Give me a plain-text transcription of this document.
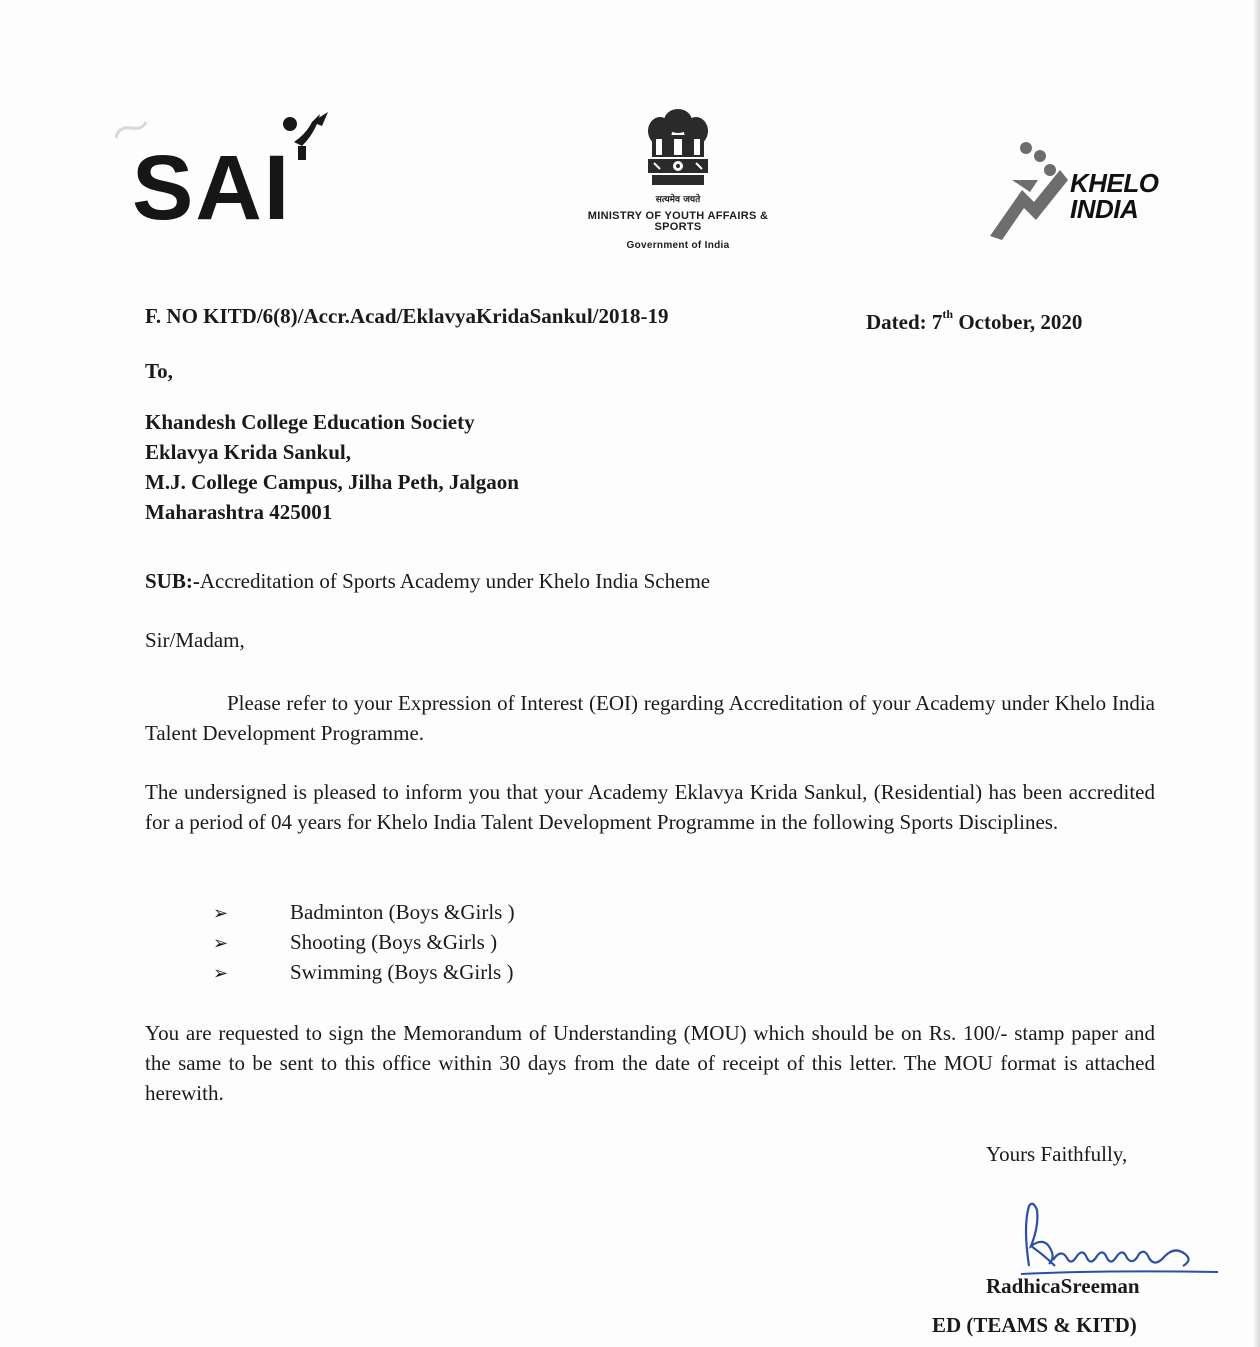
SAI	सत्यमेव जयते
MINISTRY OF YOUTH AFFAIRS &
SPORTS
Government of India
KHELO
INDIA
F. NO KITD/6(8)/Accr.Acad/EklavyaKridaSankul/2018-19	Dated: 7th October, 2020
To,
Khandesh College Education Society
Eklavya Krida Sankul,
M.J. College Campus, Jilha Peth, Jalgaon
Maharashtra 425001
SUB:-Accreditation of Sports Academy under Khelo India Scheme
Sir/Madam,
Please refer to your Expression of Interest (EOI) regarding Accreditation of your Academy under Khelo India Talent Development Programme.
The undersigned is pleased to inform you that your Academy Eklavya Krida Sankul, (Residential) has been accredited for a period of 04 years for Khelo India Talent Development Programme in the following Sports Disciplines.
➢	Badminton (Boys &Girls )
➢	Shooting (Boys &Girls )
➢	Swimming (Boys &Girls )
You are requested to sign the Memorandum of Understanding (MOU) which should be on Rs. 100/- stamp paper and the same to be sent to this office within 30 days from the date of receipt of this letter. The MOU format is attached herewith.
Yours Faithfully,
RadhicaSreeman
ED (TEAMS & KITD)
